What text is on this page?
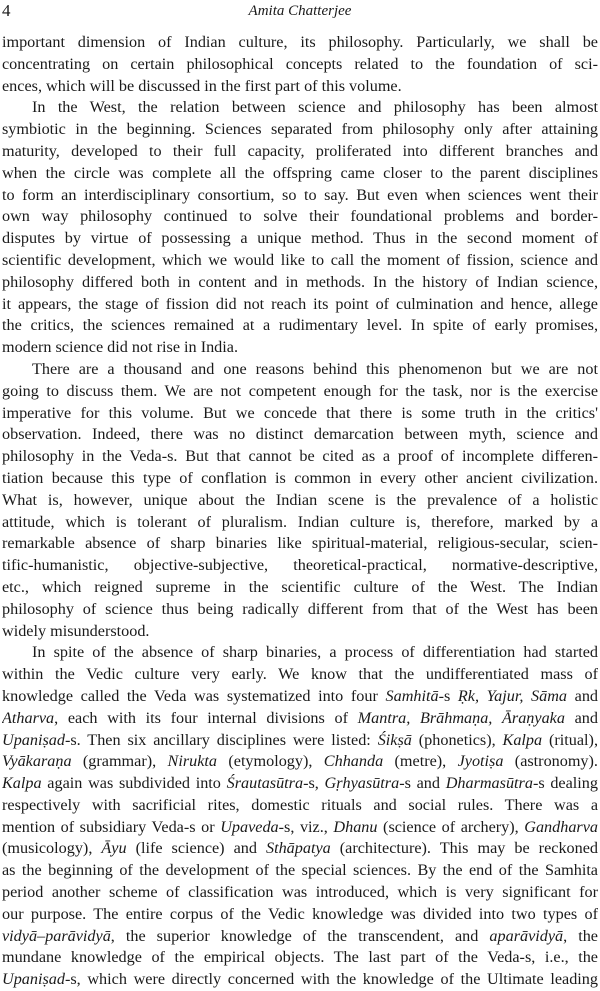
4	Amita Chatterjee
important dimension of Indian culture, its philosophy. Particularly, we shall be
concentrating on certain philosophical concepts related to the foundation of sci-
ences, which will be discussed in the first part of this volume.
In the West, the relation between science and philosophy has been almost
symbiotic in the beginning. Sciences separated from philosophy only after attaining
maturity, developed to their full capacity, proliferated into different branches and
when the circle was complete all the offspring came closer to the parent disciplines
to form an interdisciplinary consortium, so to say. But even when sciences went their
own way philosophy continued to solve their foundational problems and border-
disputes by virtue of possessing a unique method. Thus in the second moment of
scientific development, which we would like to call the moment of fission, science and
philosophy differed both in content and in methods. In the history of Indian science,
it appears, the stage of fission did not reach its point of culmination and hence, allege
the critics, the sciences remained at a rudimentary level. In spite of early promises,
modern science did not rise in India.
There are a thousand and one reasons behind this phenomenon but we are not
going to discuss them. We are not competent enough for the task, nor is the exercise
imperative for this volume. But we concede that there is some truth in the critics'
observation. Indeed, there was no distinct demarcation between myth, science and
philosophy in the Veda-s. But that cannot be cited as a proof of incomplete differen-
tiation because this type of conflation is common in every other ancient civilization.
What is, however, unique about the Indian scene is the prevalence of a holistic
attitude, which is tolerant of pluralism. Indian culture is, therefore, marked by a
remarkable absence of sharp binaries like spiritual-material, religious-secular, scien-
tific-humanistic, objective-subjective, theoretical-practical, normative-descriptive,
etc., which reigned supreme in the scientific culture of the West. The Indian
philosophy of science thus being radically different from that of the West has been
widely misunderstood.
In spite of the absence of sharp binaries, a process of differentiation had started
within the Vedic culture very early. We know that the undifferentiated mass of
knowledge called the Veda was systematized into four Samhitā-s Ṛk, Yajur, Sāma and
Atharva, each with its four internal divisions of Mantra, Brāhmaṇa, Āraṇyaka and
Upaniṣad-s. Then six ancillary disciplines were listed: Śikṣā (phonetics), Kalpa (ritual),
Vyākaraṇa (grammar), Nirukta (etymology), Chhanda (metre), Jyotiṣa (astronomy).
Kalpa again was subdivided into Śrautasūtra-s, Gṛhyasūtra-s and Dharmasūtra-s dealing
respectively with sacrificial rites, domestic rituals and social rules. There was a
mention of subsidiary Veda-s or Upaveda-s, viz., Dhanu (science of archery), Gandharva
(musicology), Āyu (life science) and Sthāpatya (architecture). This may be reckoned
as the beginning of the development of the special sciences. By the end of the Samhita
period another scheme of classification was introduced, which is very significant for
our purpose. The entire corpus of the Vedic knowledge was divided into two types of
vidyā–parāvidyā, the superior knowledge of the transcendent, and aparāvidyā, the
mundane knowledge of the empirical objects. The last part of the Veda-s, i.e., the
Upaniṣad-s, which were directly concerned with the knowledge of the Ultimate leading
